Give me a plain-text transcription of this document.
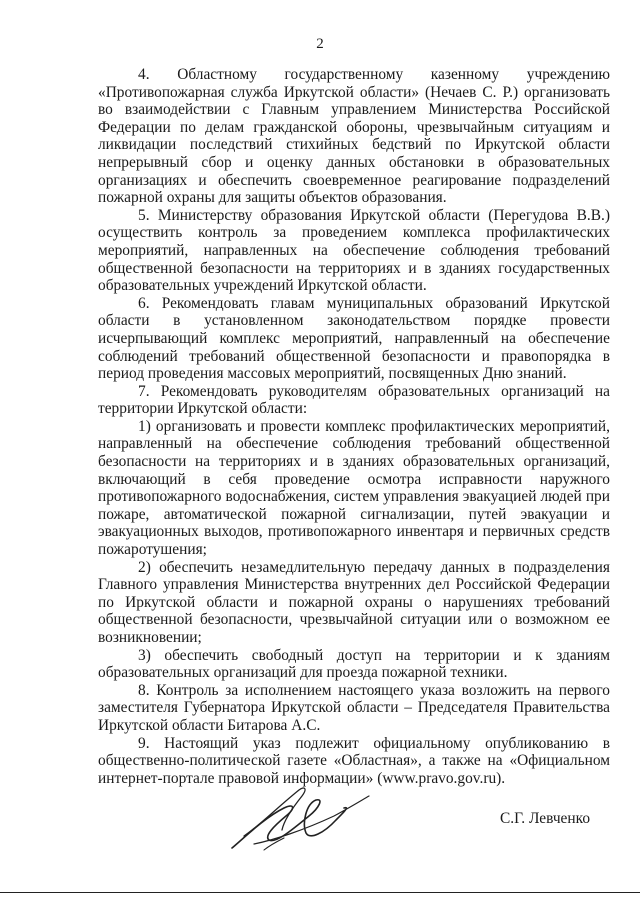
2

4. Областному государственному казенному учреждению «Противопожарная служба Иркутской области» (Нечаев С. Р.) организовать во взаимодействии с Главным управлением Министерства Российской Федерации по делам гражданской обороны, чрезвычайным ситуациям и ликвидации последствий стихийных бедствий по Иркутской области непрерывный сбор и оценку данных обстановки в образовательных организациях и обеспечить своевременное реагирование подразделений пожарной охраны для защиты объектов образования.

5. Министерству образования Иркутской области (Перегудова В.В.) осуществить контроль за проведением комплекса профилактических мероприятий, направленных на обеспечение соблюдения требований общественной безопасности на территориях и в зданиях государственных образовательных учреждений Иркутской области.

6. Рекомендовать главам муниципальных образований Иркутской области в установленном законодательством порядке провести исчерпывающий комплекс мероприятий, направленный на обеспечение соблюдений требований общественной безопасности и правопорядка в период проведения массовых мероприятий, посвященных Дню знаний.

7. Рекомендовать руководителям образовательных организаций на территории Иркутской области:

1) организовать и провести комплекс профилактических мероприятий, направленный на обеспечение соблюдения требований общественной безопасности на территориях и в зданиях образовательных организаций, включающий в себя проведение осмотра исправности наружного противопожарного водоснабжения, систем управления эвакуацией людей при пожаре, автоматической пожарной сигнализации, путей эвакуации и эвакуационных выходов, противопожарного инвентаря и первичных средств пожаротушения;

2) обеспечить незамедлительную передачу данных в подразделения Главного управления Министерства внутренних дел Российской Федерации по Иркутской области и пожарной охраны о нарушениях требований общественной безопасности, чрезвычайной ситуации или о возможном ее возникновении;

3) обеспечить свободный доступ на территории и к зданиям образовательных организаций для проезда пожарной техники.

8. Контроль за исполнением настоящего указа возложить на первого заместителя Губернатора Иркутской области – Председателя Правительства Иркутской области Битарова А.С.

9. Настоящий указ подлежит официальному опубликованию в общественно-политической газете «Областная», а также на «Официальном интернет-портале правовой информации» (www.pravo.gov.ru).

С.Г. Левченко
